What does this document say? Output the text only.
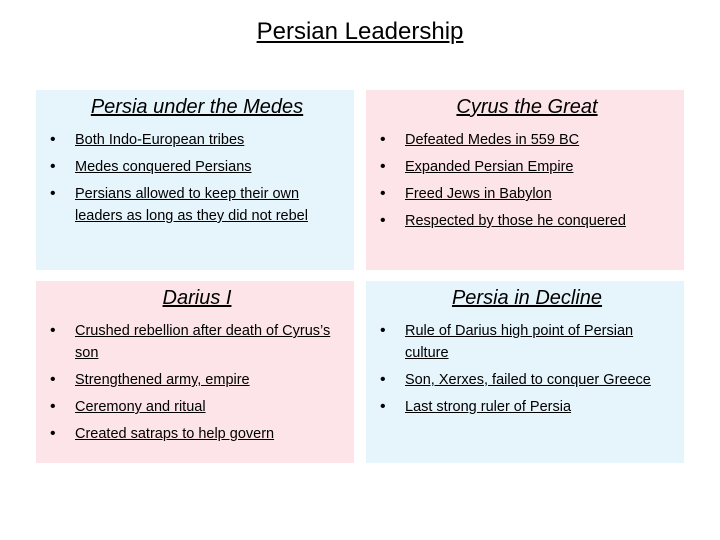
Persian Leadership
Persia under the Medes
• Both Indo-European tribes
• Medes conquered Persians
• Persians allowed to keep their own leaders as long as they did not rebel
Cyrus the Great
• Defeated Medes in 559 BC
• Expanded Persian Empire
• Freed Jews in Babylon
• Respected by those he conquered
Darius I
• Crushed rebellion after death of Cyrus’s son
• Strengthened army, empire
• Ceremony and ritual
• Created satraps to help govern
Persia in Decline
• Rule of Darius high point of Persian culture
• Son, Xerxes, failed to conquer Greece
• Last strong ruler of Persia
